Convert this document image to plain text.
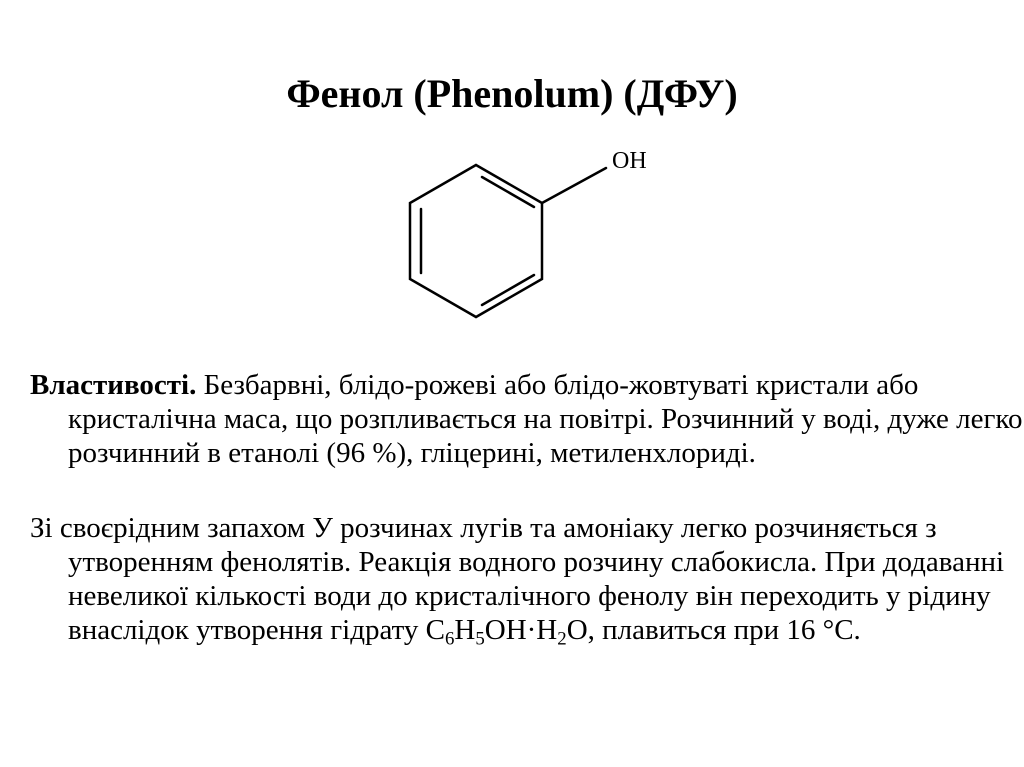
Фенол (Phenolum) (ДФУ)
OH

Властивості. Безбарвні, блідо-рожеві або блідо-жовтуваті кристали або кристалічна маса, що розпливається на повітрі. Розчинний у воді, дуже легко розчинний в етанолі (96 %), гліцерині, метиленхлориді.

Зі своєрідним запахом У розчинах лугів та амоніаку легко розчиняється з утворенням фенолятів. Реакція водного розчину слабокисла. При додаванні невеликої кількості води до кристалічного фенолу він переходить у рідину внаслідок утворення гідрату $C_6H_5OH\cdot H_2O$, плавиться при 16 °C.
